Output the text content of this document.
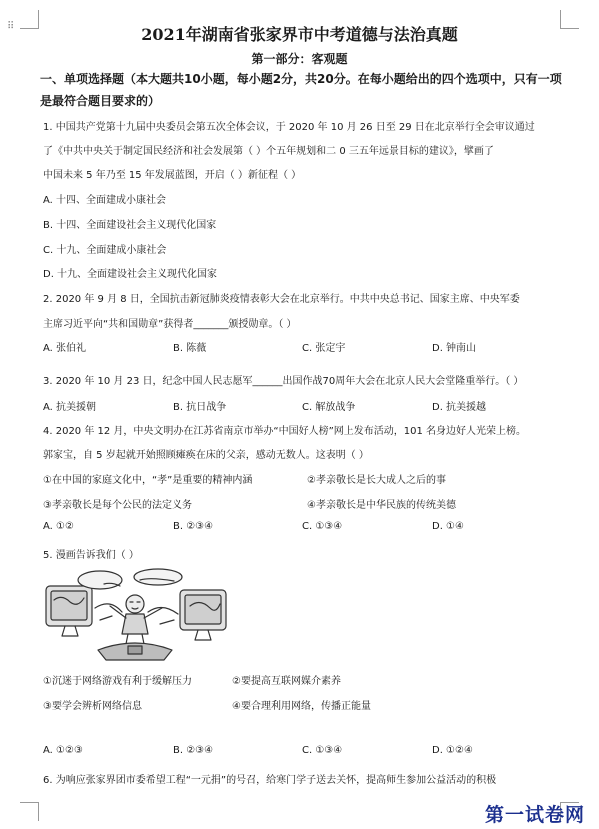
⠿	2021年湖南省张家界市中考道德与法治真题
第一部分：客观题
一、单项选择题（本大题共10小题，每小题2分，共20分。在每小题给出的四个选项中，只有一项是最符合题目要求的）
1. 中国共产党第十九届中央委员会第五次全体会议，于 2020 年 10 月 26 日至 29 日在北京举行全会审议通过
了《中共中央关于制定国民经济和社会发展第（ ）个五年规划和二 0 三五年远景目标的建议》，擘画了
中国未来 5 年乃至 15 年发展蓝图，开启（ ）新征程（ ）
A. 十四、全面建成小康社会
B. 十四、全面建设社会主义现代化国家
C. 十九、全面建成小康社会
D. 十九、全面建设社会主义现代化国家
2. 2020 年 9 月 8 日，全国抗击新冠肺炎疫情表彰大会在北京举行。中共中央总书记、国家主席、中央军委
主席习近平向“共和国勋章”获得者_______颁授勋章。（ ）
A. 张伯礼	B. 陈薇	C. 张定宇	D. 钟南山
3. 2020 年 10 月 23 日，纪念中国人民志愿军______出国作战70周年大会在北京人民大会堂隆重举行。（ ）
A. 抗美援朝	B. 抗日战争	C. 解放战争	D. 抗美援越
4. 2020 年 12 月，中央文明办在江苏省南京市举办“中国好人榜”网上发布活动，101 名身边好人光荣上榜。
郭家宝，自 5 岁起就开始照顾瘫痪在床的父亲，感动无数人。这表明（ ）
①在中国的家庭文化中，“孝”是重要的精神内涵	②孝亲敬长是长大成人之后的事
③孝亲敬长是每个公民的法定义务	④孝亲敬长是中华民族的传统美德
A. ①②	B. ②③④	C. ①③④	D. ①④
5. 漫画告诉我们（ ）
①沉迷于网络游戏有利于缓解压力	②要提高互联网媒介素养
③要学会辨析网络信息	④要合理利用网络，传播正能量
A. ①②③	B. ②③④	C. ①③④	D. ①②④
6. 为响应张家界团市委希望工程“一元捐”的号召，给寒门学子送去关怀，提高师生参加公益活动的积极
第一试卷网
